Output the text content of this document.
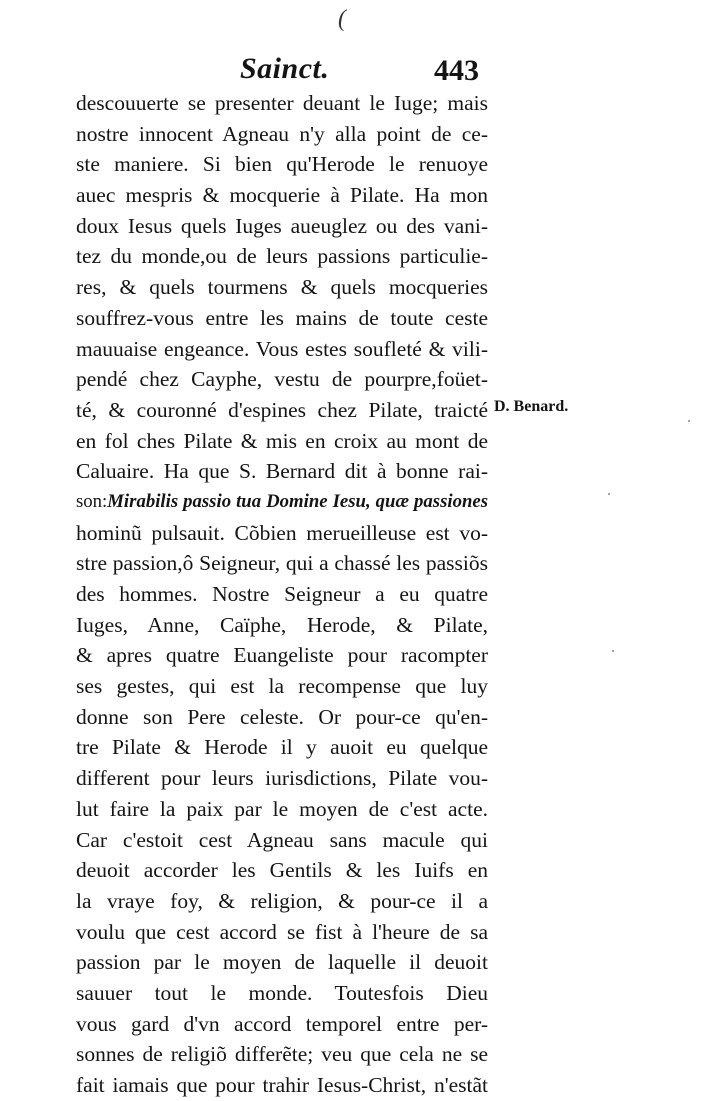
(
Sainct.	443
descouuerte se presenter deuant le Iuge; mais
nostre innocent Agneau n'y alla point de ce-
ste maniere. Si bien qu'Herode le renuoye
auec mespris & mocquerie à Pilate. Ha mon
doux Iesus quels Iuges aueuglez ou des vani-
tez du monde,ou de leurs passions particulie-
res, & quels tourmens & quels mocqueries
souffrez-vous entre les mains de toute ceste
mauuaise engeance. Vous estes soufleté & vili-
pendé chez Cayphe, vestu de pourpre,foüet-
té, & couronné d'espines chez Pilate, traicté
en fol ches Pilate & mis en croix au mont de
Caluaire. Ha que S. Bernard dit à bonne rai-
son:Mirabilis passio tua Domine Iesu, quæ passiones
hominũ pulsauit. Cõbien merueilleuse est vo-
stre passion,ô Seigneur, qui a chassé les passiõs
des hommes. Nostre Seigneur a eu quatre
Iuges, Anne, Caïphe, Herode, & Pilate,
& apres quatre Euangeliste pour racompter
ses gestes, qui est la recompense que luy
donne son Pere celeste. Or pour-ce qu'en-
tre Pilate & Herode il y auoit eu quelque
different pour leurs iurisdictions, Pilate vou-
lut faire la paix par le moyen de c'est acte.
Car c'estoit cest Agneau sans macule qui
deuoit accorder les Gentils & les Iuifs en
la vraye foy, & religion, & pour-ce il a
voulu que cest accord se fist à l'heure de sa
passion par le moyen de laquelle il deuoit
sauuer tout le monde. Toutesfois Dieu
vous gard d'vn accord temporel entre per-
sonnes de religiõ differẽte; veu que cela ne se
fait iamais que pour trahir Iesus-Christ, n'estãt
D. Benard.
